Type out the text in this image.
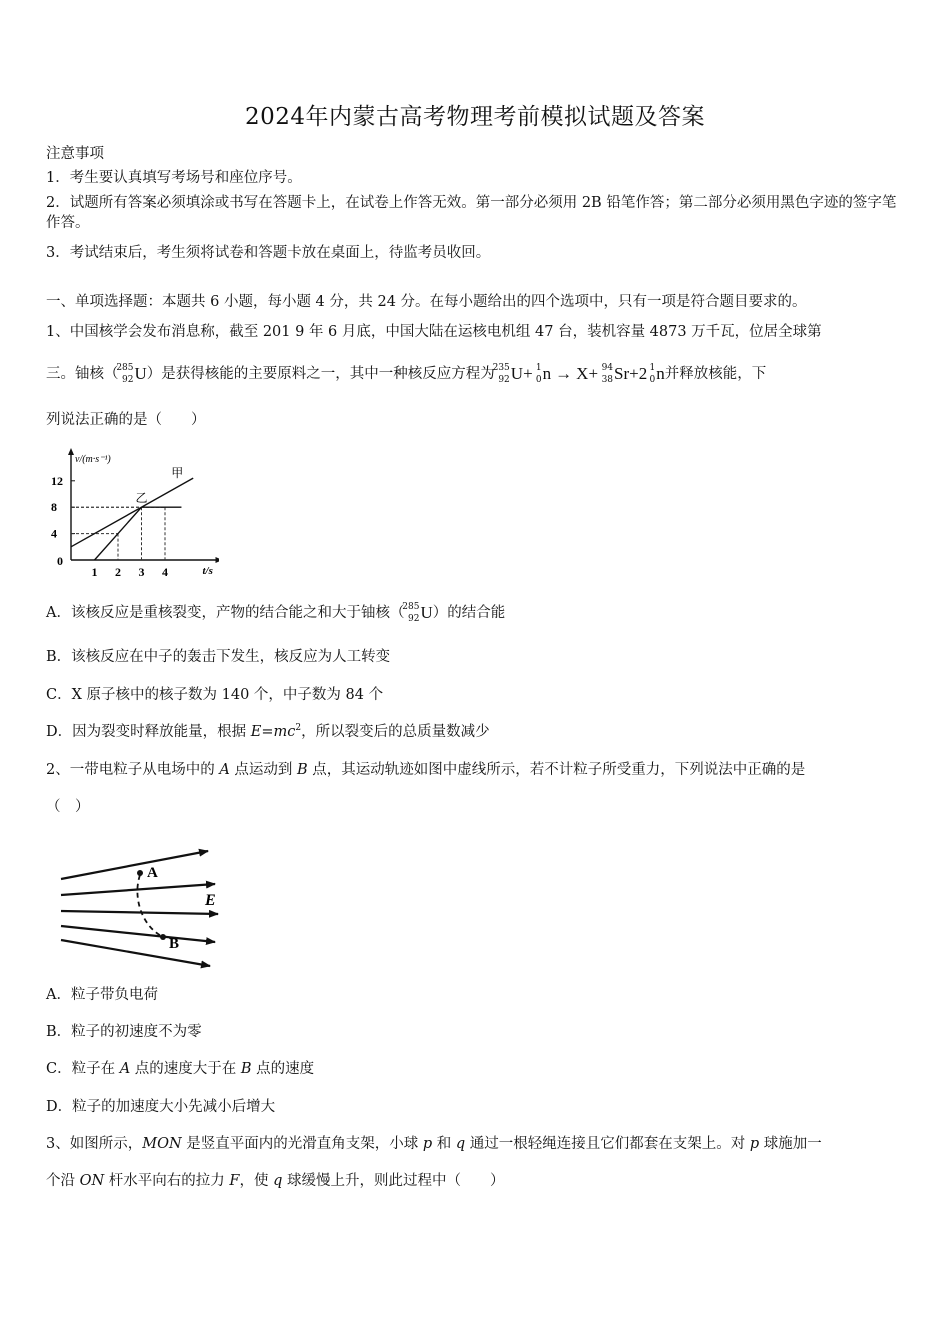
2024年内蒙古高考物理考前模拟试题及答案
注意事项
1．考生要认真填写考场号和座位序号。
2．试题所有答案必须填涂或书写在答题卡上，在试卷上作答无效。第一部分必须用 2B 铅笔作答；第二部分必须用黑色字迹的签字笔作答。
3．考试结束后，考生须将试卷和答题卡放在桌面上，待监考员收回。
一、单项选择题：本题共 6 小题，每小题 4 分，共 24 分。在每小题给出的四个选项中，只有一项是符合题目要求的。
1、中国核学会发布消息称，截至 201 9 年 6 月底，中国大陆在运核电机组 47 台，装机容量 4873 万千瓦，位居全球第
三。铀核（
285
92 U）是获得核能的主要原料之一，其中一种核反应方程为
235
92 U+ 1
0 n → X+ 94
38 Sr+2 1
0 n并释放核能，下
列说法正确的是（　　）
v/(m·s⁻¹)
t/s
0
1 2 3 4
4
8
12
甲
乙
A．该核反应是重核裂变，产物的结合能之和大于铀核（
285
92 U）的结合能
B．该核反应在中子的轰击下发生，核反应为人工转变
C．X 原子核中的核子数为 140 个，中子数为 84 个
D．因为裂变时释放能量，根据 $E=mc^2$，所以裂变后的总质量数减少
2、一带电粒子从电场中的 A 点运动到 B 点，其运动轨迹如图中虚线所示，若不计粒子所受重力，下列说法中正确的是
（　）
A
B
E
A．粒子带负电荷
B．粒子的初速度不为零
C．粒子在 A 点的速度大于在 B 点的速度
D．粒子的加速度大小先减小后增大
3、如图所示，MON 是竖直平面内的光滑直角支架，小球 p 和 q 通过一根轻绳连接且它们都套在支架上。对 p 球施加一
个沿 ON 杆水平向右的拉力 F，使 q 球缓慢上升，则此过程中（　　）
